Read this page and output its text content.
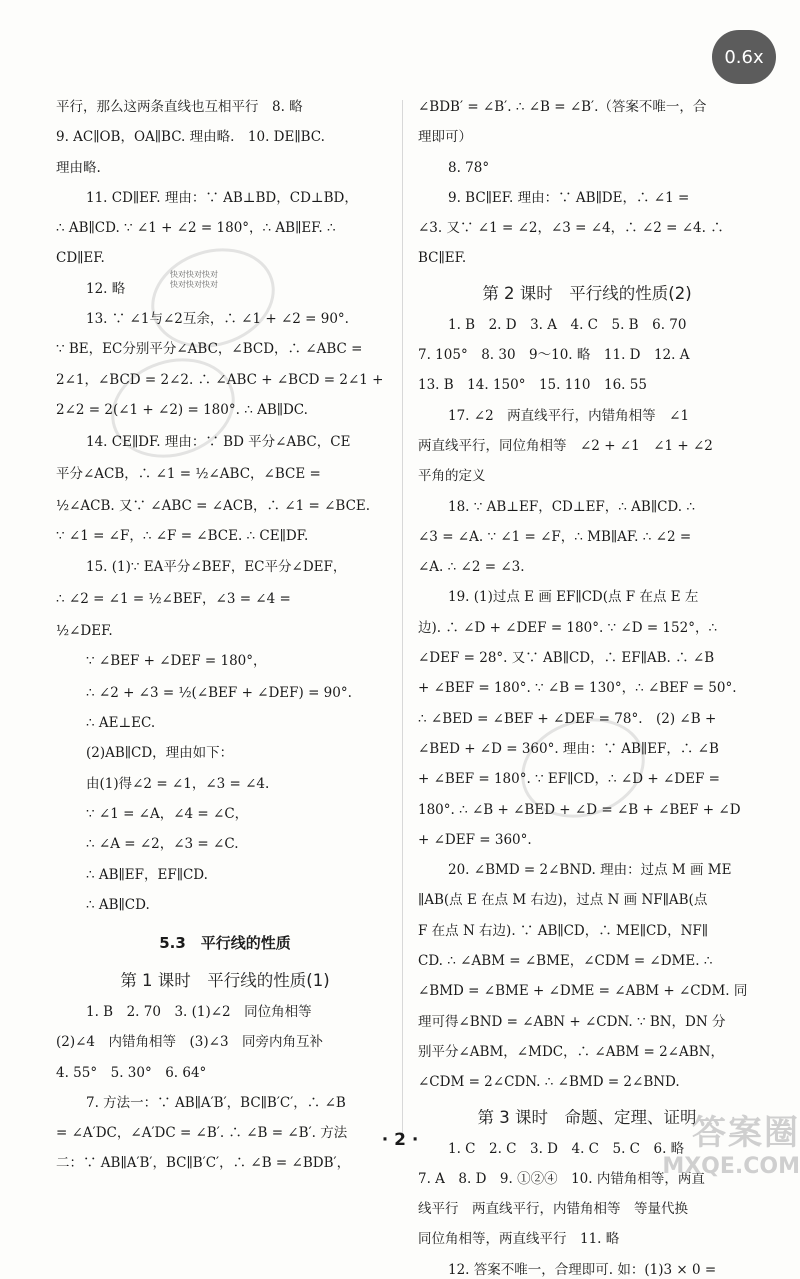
0.6x
快对快对快对
快对快对快对

平行，那么这两条直线也互相平行　8. 略

9. AC∥OB，OA∥BC. 理由略.　10. DE∥BC.

理由略.

11. CD∥EF. 理由：∵ AB⊥BD，CD⊥BD，

∴ AB∥CD. ∵ ∠1 + ∠2 = 180°，∴ AB∥EF. ∴

CD∥EF.

12. 略

13. ∵ ∠1与∠2互余，∴ ∠1 + ∠2 = 90°.

∵ BE，EC分别平分∠ABC，∠BCD，∴ ∠ABC =

2∠1，∠BCD = 2∠2. ∴ ∠ABC + ∠BCD = 2∠1 +

2∠2 = 2(∠1 + ∠2) = 180°. ∴ AB∥DC.

14. CE∥DF. 理由：∵ BD 平分∠ABC，CE

平分∠ACB，∴ ∠1 = ½∠ABC，∠BCE =

½∠ACB. 又∵ ∠ABC = ∠ACB，∴ ∠1 = ∠BCE.

∵ ∠1 = ∠F，∴ ∠F = ∠BCE. ∴ CE∥DF.

15. (1)∵ EA平分∠BEF，EC平分∠DEF，

∴ ∠2 = ∠1 = ½∠BEF，∠3 = ∠4 =

½∠DEF.

∵ ∠BEF + ∠DEF = 180°，

∴ ∠2 + ∠3 = ½(∠BEF + ∠DEF) = 90°.

∴ AE⊥EC.

(2)AB∥CD，理由如下：

由(1)得∠2 = ∠1，∠3 = ∠4.

∵ ∠1 = ∠A，∠4 = ∠C，

∴ ∠A = ∠2，∠3 = ∠C.

∴ AB∥EF，EF∥CD.

∴ AB∥CD.

5.3　平行线的性质
第 1 课时　平行线的性质(1)

1. B　2. 70　3. (1)∠2　同位角相等

(2)∠4　内错角相等　(3)∠3　同旁内角互补

4. 55°　5. 30°　6. 64°

7. 方法一：∵ AB∥A′B′，BC∥B′C′，∴ ∠B

= ∠A′DC，∠A′DC = ∠B′. ∴ ∠B = ∠B′. 方法

二：∵ AB∥A′B′，BC∥B′C′，∴ ∠B = ∠BDB′，

∠BDB′ = ∠B′. ∴ ∠B = ∠B′.（答案不唯一，合

理即可）

8. 78°

9. BC∥EF. 理由：∵ AB∥DE，∴ ∠1 =

∠3. 又∵ ∠1 = ∠2，∠3 = ∠4，∴ ∠2 = ∠4. ∴

BC∥EF.

第 2 课时　平行线的性质(2)

1. B　2. D　3. A　4. C　5. B　6. 70

7. 105°　8. 30　9～10. 略　11. D　12. A

13. B　14. 150°　15. 110　16. 55

17. ∠2　两直线平行，内错角相等　∠1

两直线平行，同位角相等　∠2 + ∠1　∠1 + ∠2

平角的定义

18. ∵ AB⊥EF，CD⊥EF，∴ AB∥CD. ∴

∠3 = ∠A. ∵ ∠1 = ∠F，∴ MB∥AF. ∴ ∠2 =

∠A. ∴ ∠2 = ∠3.

19. (1)过点 E 画 EF∥CD(点 F 在点 E 左

边). ∴ ∠D + ∠DEF = 180°. ∵ ∠D = 152°，∴

∠DEF = 28°. 又∵ AB∥CD，∴ EF∥AB. ∴ ∠B

+ ∠BEF = 180°. ∵ ∠B = 130°，∴ ∠BEF = 50°.

∴ ∠BED = ∠BEF + ∠DEF = 78°.　(2) ∠B +

∠BED + ∠D = 360°. 理由：∵ AB∥EF，∴ ∠B

+ ∠BEF = 180°. ∵ EF∥CD，∴ ∠D + ∠DEF =

180°. ∴ ∠B + ∠BED + ∠D = ∠B + ∠BEF + ∠D

+ ∠DEF = 360°.

20. ∠BMD = 2∠BND. 理由：过点 M 画 ME

∥AB(点 E 在点 M 右边)，过点 N 画 NF∥AB(点

F 在点 N 右边). ∵ AB∥CD，∴ ME∥CD，NF∥

CD. ∴ ∠ABM = ∠BME，∠CDM = ∠DME. ∴

∠BMD = ∠BME + ∠DME = ∠ABM + ∠CDM. 同

理可得∠BND = ∠ABN + ∠CDN. ∵ BN，DN 分

别平分∠ABM，∠MDC，∴ ∠ABM = 2∠ABN，

∠CDM = 2∠CDN. ∴ ∠BMD = 2∠BND.

第 3 课时　命题、定理、证明

1. C　2. C　3. D　4. C　5. C　6. 略

7. A　8. D　9. ①②④　10. 内错角相等，两直

线平行　两直线平行，内错角相等　等量代换

同位角相等，两直线平行　11. 略

12. 答案不唯一，合理即可. 如：(1)3 × 0 =

· 2 ·	答案圈
MXQE.COM
